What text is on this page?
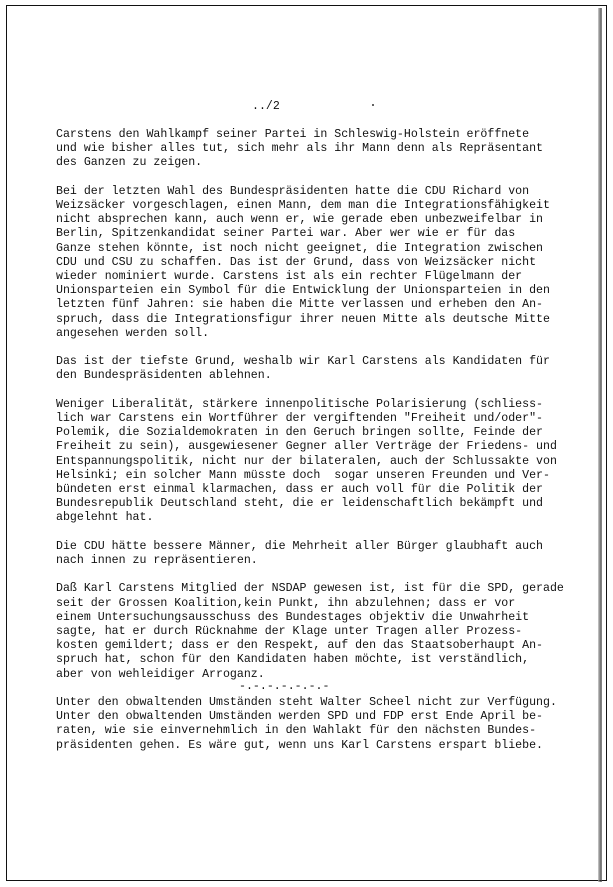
../2

Carstens den Wahlkampf seiner Partei in Schleswig-Holstein eröffnete
und wie bisher alles tut, sich mehr als ihr Mann denn als Repräsentant
des Ganzen zu zeigen.

Bei der letzten Wahl des Bundespräsidenten hatte die CDU Richard von
Weizsäcker vorgeschlagen, einen Mann, dem man die Integrationsfähigkeit
nicht absprechen kann, auch wenn er, wie gerade eben unbezweifelbar in
Berlin, Spitzenkandidat seiner Partei war. Aber wer wie er für das
Ganze stehen könnte, ist noch nicht geeignet, die Integration zwischen
CDU und CSU zu schaffen. Das ist der Grund, dass von Weizsäcker nicht
wieder nominiert wurde. Carstens ist als ein rechter Flügelmann der
Unionsparteien ein Symbol für die Entwicklung der Unionsparteien in den
letzten fünf Jahren: sie haben die Mitte verlassen und erheben den An-
spruch, dass die Integrationsfigur ihrer neuen Mitte als deutsche Mitte
angesehen werden soll.

Das ist der tiefste Grund, weshalb wir Karl Carstens als Kandidaten für
den Bundespräsidenten ablehnen.

Weniger Liberalität, stärkere innenpolitische Polarisierung (schliess-
lich war Carstens ein Wortführer der vergiftenden "Freiheit und/oder"-
Polemik, die Sozialdemokraten in den Geruch bringen sollte, Feinde der
Freiheit zu sein), ausgewiesener Gegner aller Verträge der Friedens- und
Entspannungspolitik, nicht nur der bilateralen, auch der Schlussakte von
Helsinki; ein solcher Mann müsste doch  sogar unseren Freunden und Ver-
bündeten erst einmal klarmachen, dass er auch voll für die Politik der
Bundesrepublik Deutschland steht, die er leidenschaftlich bekämpft und
abgelehnt hat.

Die CDU hätte bessere Männer, die Mehrheit aller Bürger glaubhaft auch
nach innen zu repräsentieren.

Daß Karl Carstens Mitglied der NSDAP gewesen ist, ist für die SPD, gerade
seit der Grossen Koalition,kein Punkt, ihn abzulehnen; dass er vor
einem Untersuchungsausschuss des Bundestages objektiv die Unwahrheit
sagte, hat er durch Rücknahme der Klage unter Tragen aller Prozess-
kosten gemildert; dass er den Respekt, auf den das Staatsoberhaupt An-
spruch hat, schon für den Kandidaten haben möchte, ist verständlich,
aber von wehleidiger Arroganz.

Unter den obwaltenden Umständen steht Walter Scheel nicht zur Verfügung.
Unter den obwaltenden Umständen werden SPD und FDP erst Ende April be-
raten, wie sie einvernehmlich in den Wahlakt für den nächsten Bundes-
präsidenten gehen. Es wäre gut, wenn uns Karl Carstens erspart bliebe.

-.-.-.-.-.-.-
